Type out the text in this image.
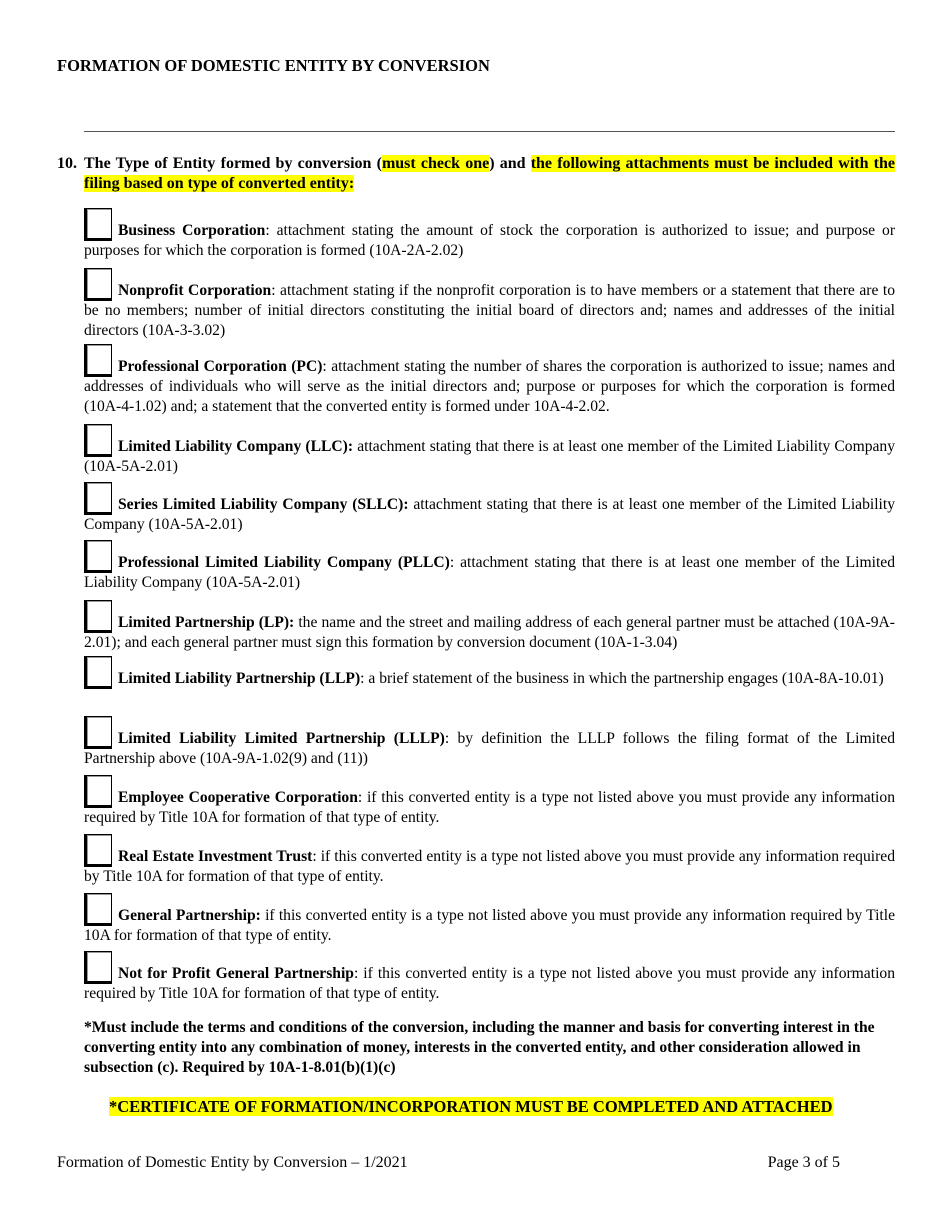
FORMATION OF DOMESTIC ENTITY BY CONVERSION
10. The Type of Entity formed by conversion (must check one) and the following attachments must be included with the filing based on type of converted entity:
Business Corporation: attachment stating the amount of stock the corporation is authorized to issue; and purpose or purposes for which the corporation is formed (10A-2A-2.02)
Nonprofit Corporation: attachment stating if the nonprofit corporation is to have members or a statement that there are to be no members; number of initial directors constituting the initial board of directors and; names and addresses of the initial directors (10A-3-3.02)
Professional Corporation (PC): attachment stating the number of shares the corporation is authorized to issue; names and addresses of individuals who will serve as the initial directors and; purpose or purposes for which the corporation is formed (10A-4-1.02) and; a statement that the converted entity is formed under 10A-4-2.02.
Limited Liability Company (LLC): attachment stating that there is at least one member of the Limited Liability Company (10A-5A-2.01)
Series Limited Liability Company (SLLC): attachment stating that there is at least one member of the Limited Liability Company (10A-5A-2.01)
Professional Limited Liability Company (PLLC): attachment stating that there is at least one member of the Limited Liability Company (10A-5A-2.01)
Limited Partnership (LP): the name and the street and mailing address of each general partner must be attached (10A-9A-2.01); and each general partner must sign this formation by conversion document (10A-1-3.04)
Limited Liability Partnership (LLP): a brief statement of the business in which the partnership engages (10A-8A-10.01)
Limited Liability Limited Partnership (LLLP): by definition the LLLP follows the filing format of the Limited Partnership above (10A-9A-1.02(9) and (11))
Employee Cooperative Corporation: if this converted entity is a type not listed above you must provide any information required by Title 10A for formation of that type of entity.
Real Estate Investment Trust: if this converted entity is a type not listed above you must provide any information required by Title 10A for formation of that type of entity.
General Partnership: if this converted entity is a type not listed above you must provide any information required by Title 10A for formation of that type of entity.
Not for Profit General Partnership: if this converted entity is a type not listed above you must provide any information required by Title 10A for formation of that type of entity.
*Must include the terms and conditions of the conversion, including the manner and basis for converting interest in the converting entity into any combination of money, interests in the converted entity, and other consideration allowed in subsection (c). Required by 10A-1-8.01(b)(1)(c)
*CERTIFICATE OF FORMATION/INCORPORATION MUST BE COMPLETED AND ATTACHED
Formation of Domestic Entity by Conversion – 1/2021	Page 3 of 5
